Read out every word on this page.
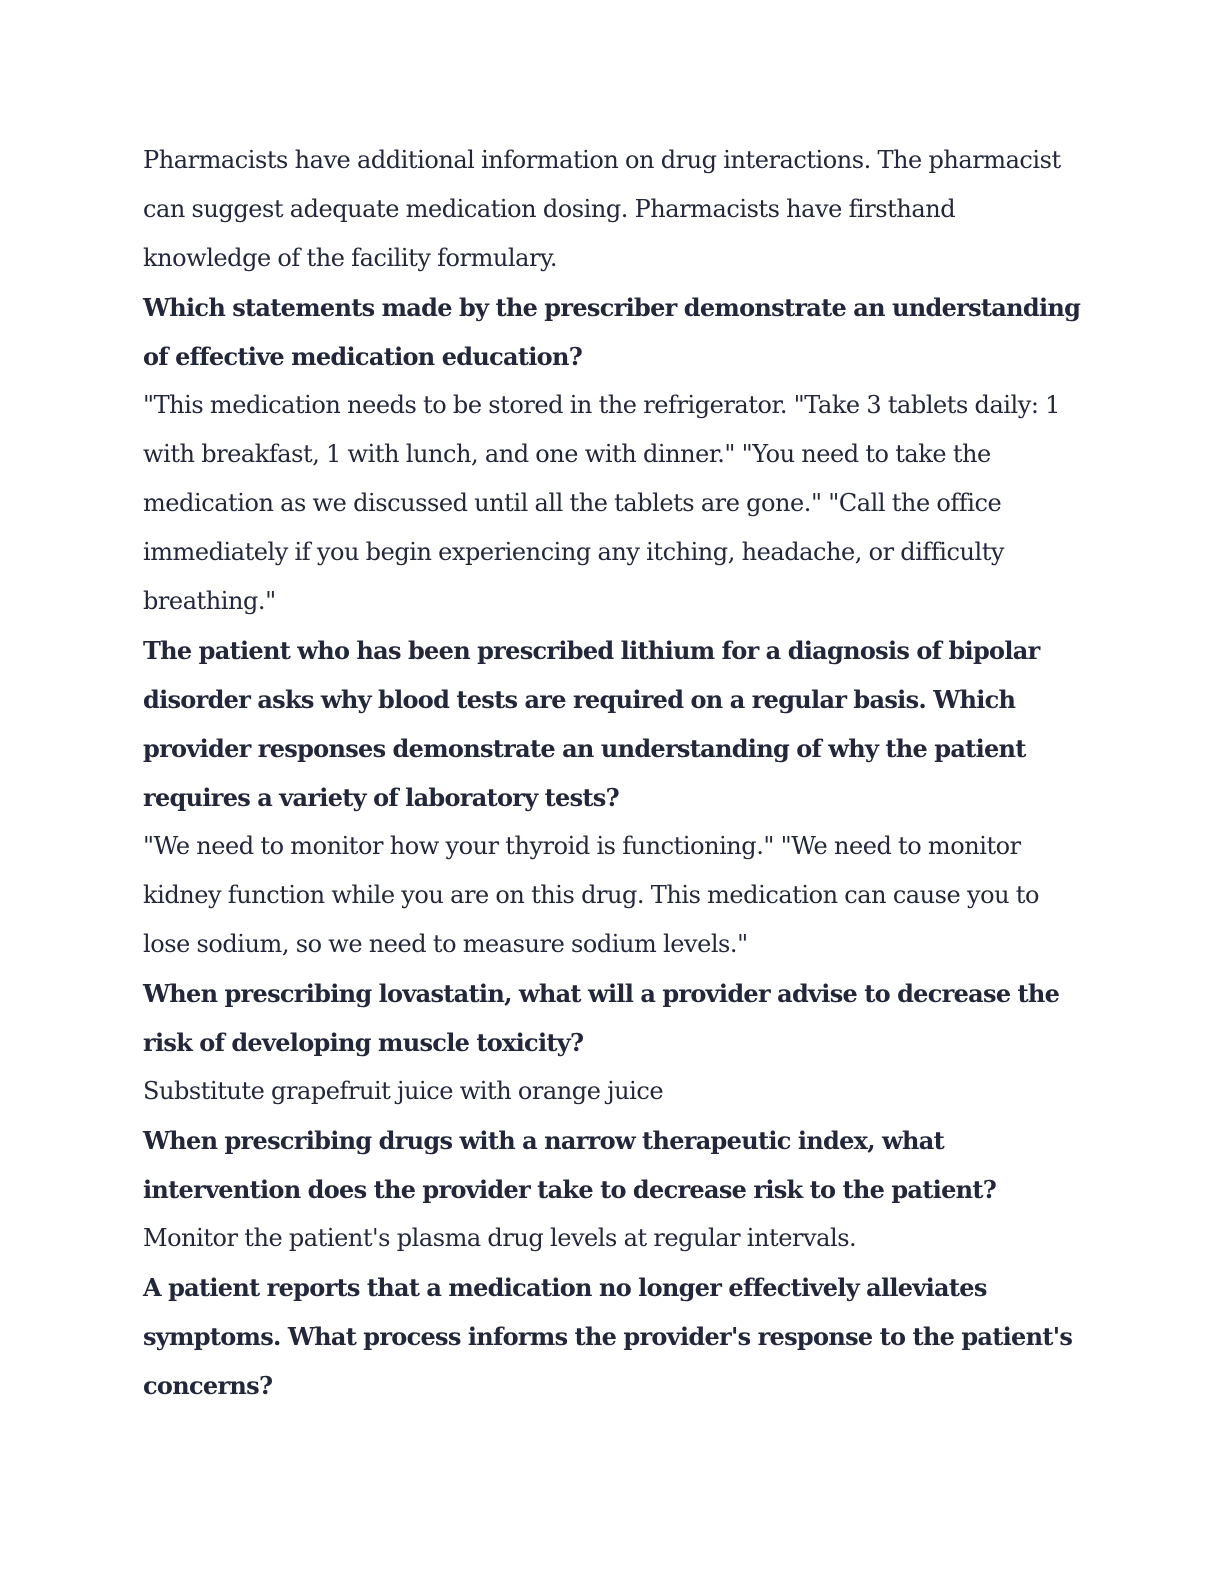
Pharmacists have additional information on drug interactions. The pharmacist can suggest adequate medication dosing. Pharmacists have firsthand knowledge of the facility formulary.

Which statements made by the prescriber demonstrate an understanding of effective medication education?

"This medication needs to be stored in the refrigerator. "Take 3 tablets daily: 1 with breakfast, 1 with lunch, and one with dinner." "You need to take the medication as we discussed until all the tablets are gone." "Call the office immediately if you begin experiencing any itching, headache, or difficulty breathing."

The patient who has been prescribed lithium for a diagnosis of bipolar disorder asks why blood tests are required on a regular basis. Which provider responses demonstrate an understanding of why the patient requires a variety of laboratory tests?

"We need to monitor how your thyroid is functioning." "We need to monitor kidney function while you are on this drug. This medication can cause you to lose sodium, so we need to measure sodium levels."

When prescribing lovastatin, what will a provider advise to decrease the risk of developing muscle toxicity?

Substitute grapefruit juice with orange juice

When prescribing drugs with a narrow therapeutic index, what intervention does the provider take to decrease risk to the patient?

Monitor the patient's plasma drug levels at regular intervals.

A patient reports that a medication no longer effectively alleviates symptoms. What process informs the provider's response to the patient's concerns?
